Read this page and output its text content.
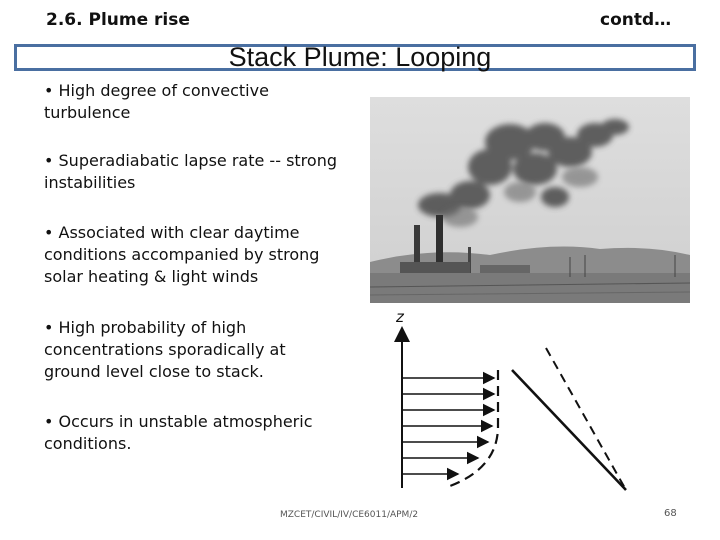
2.6. Plume rise	contd…
Stack Plume: Looping
• High degree of convective turbulence
• Superadiabatic lapse rate -- strong instabilities
• Associated with clear daytime conditions accompanied by strong solar heating & light winds
• High probability of high concentrations sporadically at ground level close to stack.
• Occurs in unstable atmospheric conditions.
z
MZCET/CIVIL/IV/CE6011/APM/2	68
